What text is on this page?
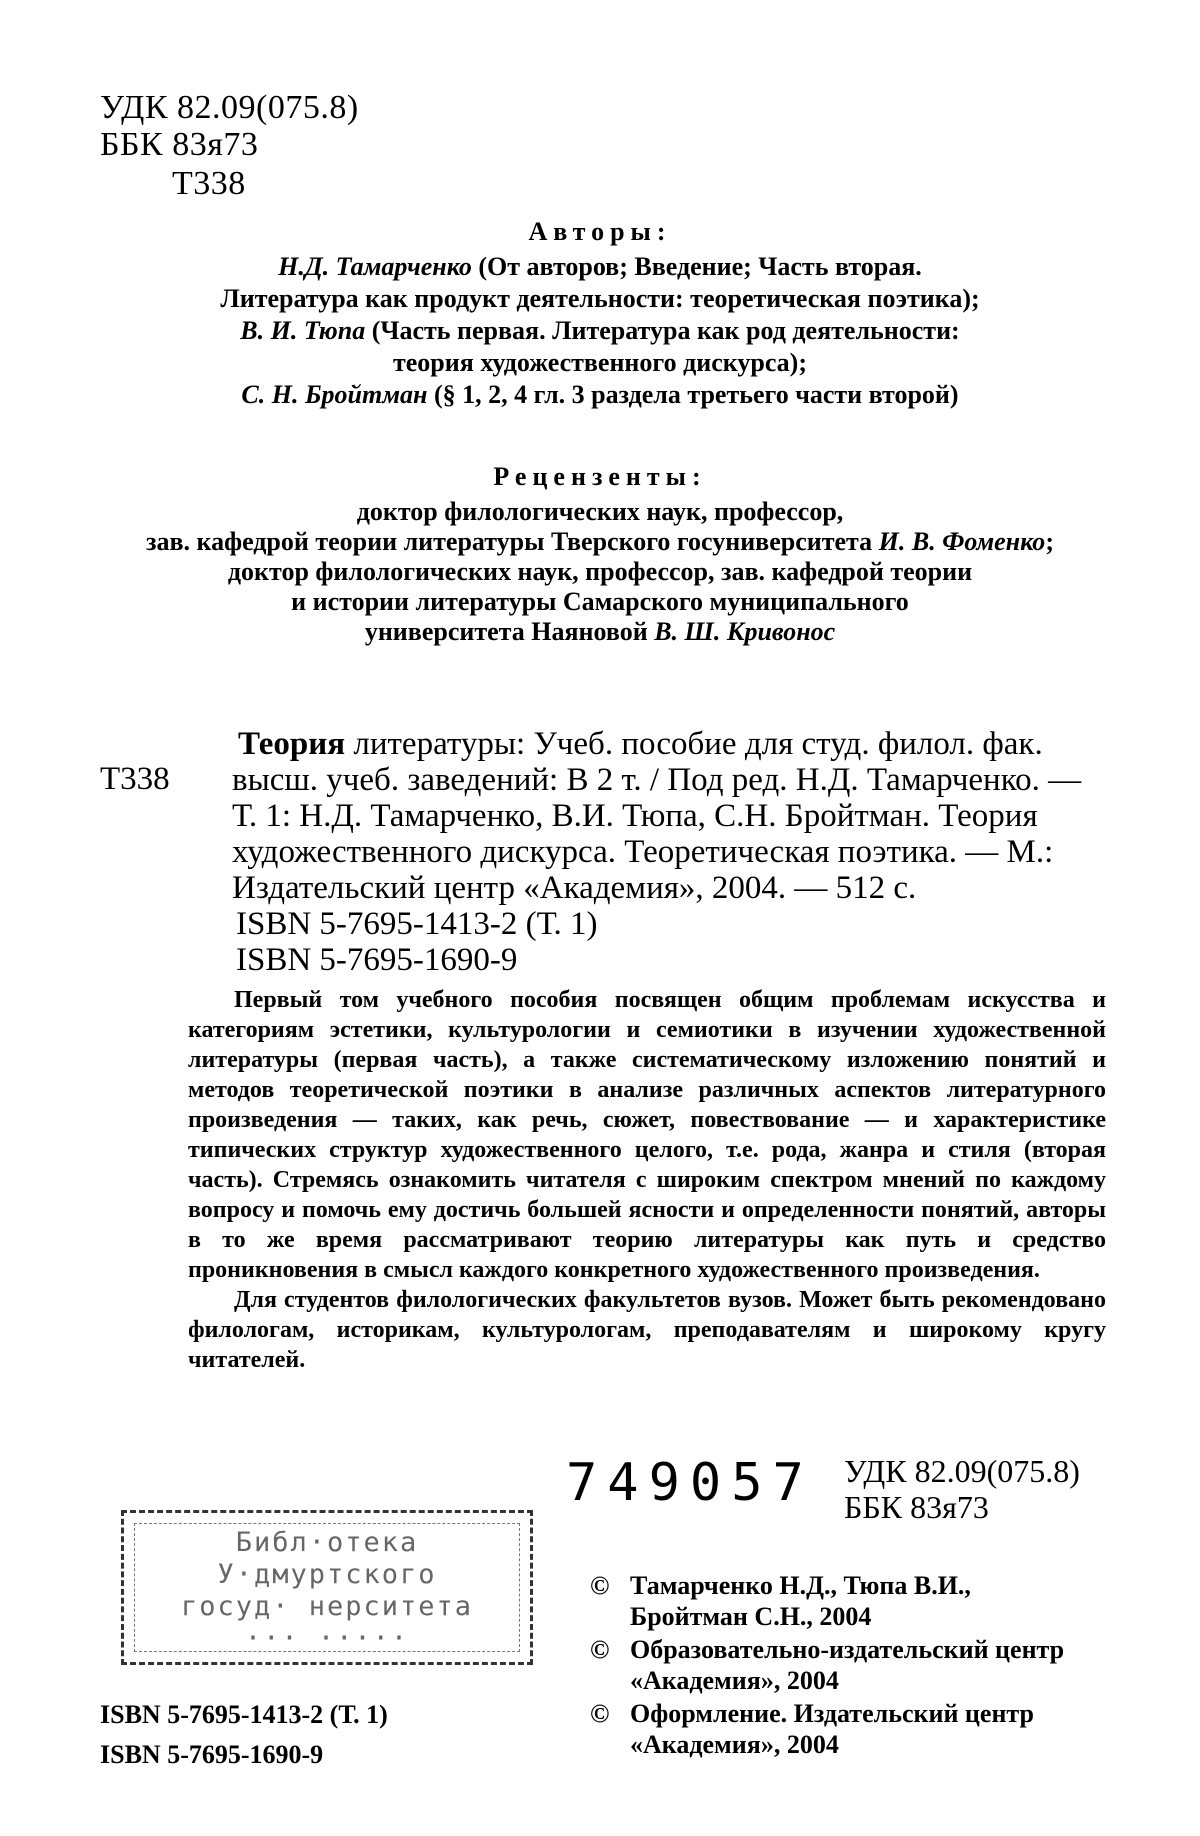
УДК 82.09(075.8)
ББК 83я73
Т338
Авторы:
Н.Д. Тамарченко (От авторов; Введение; Часть вторая.
Литература как продукт деятельности: теоретическая поэтика);
В. И. Тюпа (Часть первая. Литература как род деятельности:
теория художественного дискурса);
С. Н. Бройтман (§ 1, 2, 4 гл. 3 раздела третьего части второй)
Рецензенты:
доктор филологических наук, профессор,
зав. кафедрой теории литературы Тверского госуниверситета И. В. Фоменко;
доктор филологических наук, профессор, зав. кафедрой теории
и истории литературы Самарского муниципального
университета Наяновой В. Ш. Кривонос
Т338
Теория литературы: Учеб. пособие для студ. филол. фак.
высш. учеб. заведений: В 2 т. / Под ред. Н.Д. Тамарченко. —
Т. 1: Н.Д. Тамарченко, В.И. Тюпа, С.Н. Бройтман. Теория
художественного дискурса. Теоретическая поэтика. — М.:
Издательский центр «Академия», 2004. — 512 с.
ISBN 5-7695-1413-2 (Т. 1)
ISBN 5-7695-1690-9

Первый том учебного пособия посвящен общим проблемам искусства и категориям эстетики, культурологии и семиотики в изучении художественной литературы (первая часть), а также систематическому изложению понятий и методов теоретической поэтики в анализе различных аспектов литературного произведения — таких, как речь, сюжет, повествование — и характеристике типических структур художественного целого, т.е. рода, жанра и стиля (вторая часть). Стремясь ознакомить читателя с широким спектром мнений по каждому вопросу и помочь ему достичь большей ясности и определенности понятий, авторы в то же время рассматривают теорию литературы как путь и средство проникновения в смысл каждого конкретного художественного произведения.

Для студентов филологических факультетов вузов. Может быть рекомендовано филологам, историкам, культурологам, преподавателям и широкому кругу читателей.

749057 УДК 82.09(075.8)
ББК 83я73
Библ·отека
У·дмуртского
госуд· нерситета
··· ·····
ISBN 5-7695-1413-2 (Т. 1)
ISBN 5-7695-1690-9
© Тамарченко Н.Д., Тюпа В.И.,
Бройтман С.Н., 2004
© Образовательно-издательский центр
«Академия», 2004
© Оформление. Издательский центр
«Академия», 2004
